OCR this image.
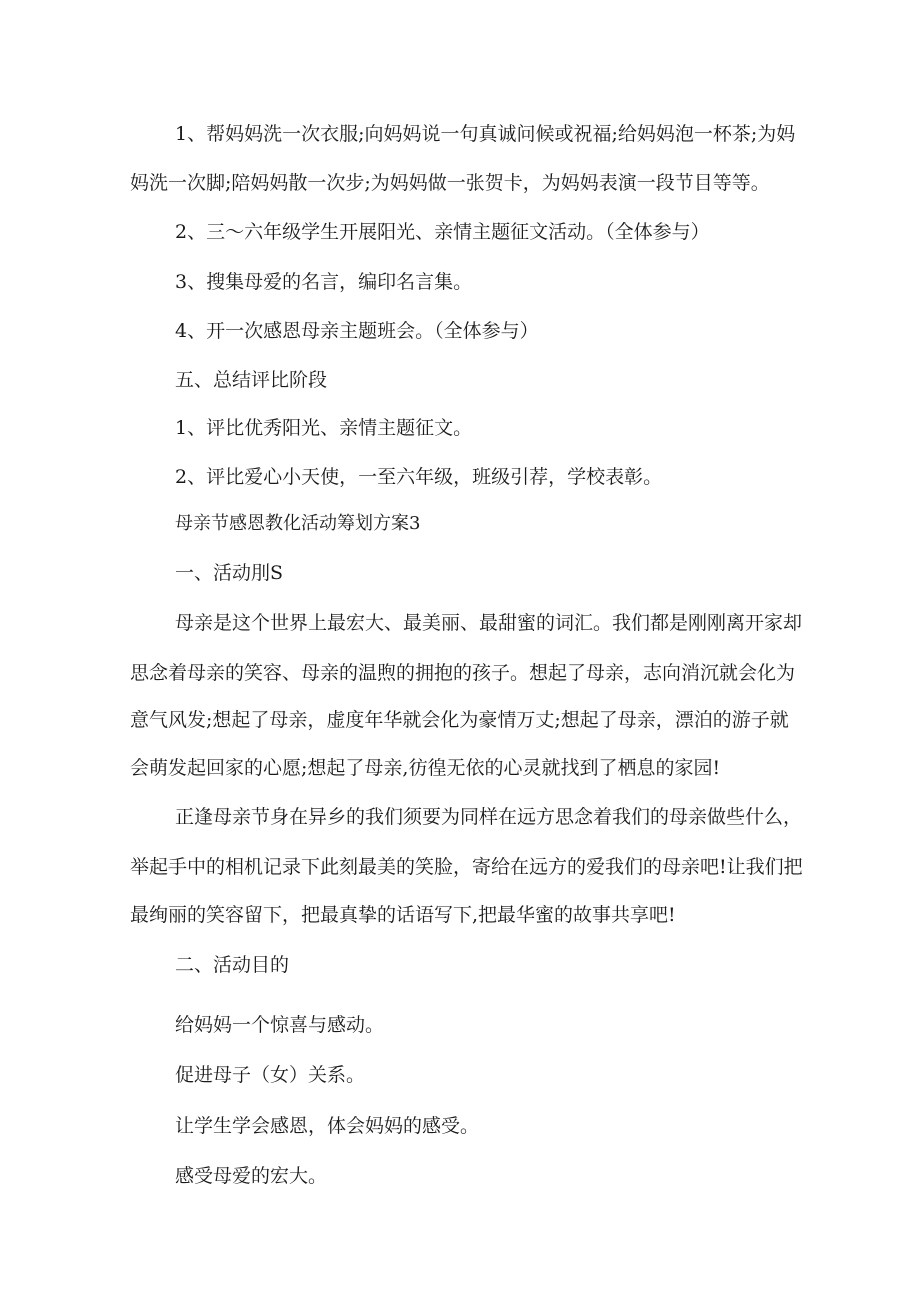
1、帮妈妈洗一次衣服;向妈妈说一句真诚问候或祝福;给妈妈泡一杯茶;为妈
妈洗一次脚;陪妈妈散一次步;为妈妈做一张贺卡，为妈妈表演一段节目等等。
2、三～六年级学生开展阳光、亲情主题征文活动。（全体参与）
3、搜集母爱的名言，编印名言集。
4、开一次感恩母亲主题班会。（全体参与）
五、总结评比阶段
1、评比优秀阳光、亲情主题征文。
2、评比爱心小天使，一至六年级，班级引荐，学校表彰。
母亲节感恩教化活动筹划方案3
一、活动刖S
母亲是这个世界上最宏大、最美丽、最甜蜜的词汇。我们都是刚刚离开家却
思念着母亲的笑容、母亲的温煦的拥抱的孩子。想起了母亲，志向消沉就会化为
意气风发;想起了母亲，虚度年华就会化为豪情万丈;想起了母亲，漂泊的游子就
会萌发起回家的心愿;想起了母亲,彷徨无依的心灵就找到了栖息的家园!
正逢母亲节身在异乡的我们须要为同样在远方思念着我们的母亲做些什么，
举起手中的相机记录下此刻最美的笑脸，寄给在远方的爱我们的母亲吧!让我们把
最绚丽的笑容留下，把最真挚的话语写下,把最华蜜的故事共享吧!
二、活动目的
给妈妈一个惊喜与感动。
促进母子（女）关系。
让学生学会感恩，体会妈妈的感受。
感受母爱的宏大。
